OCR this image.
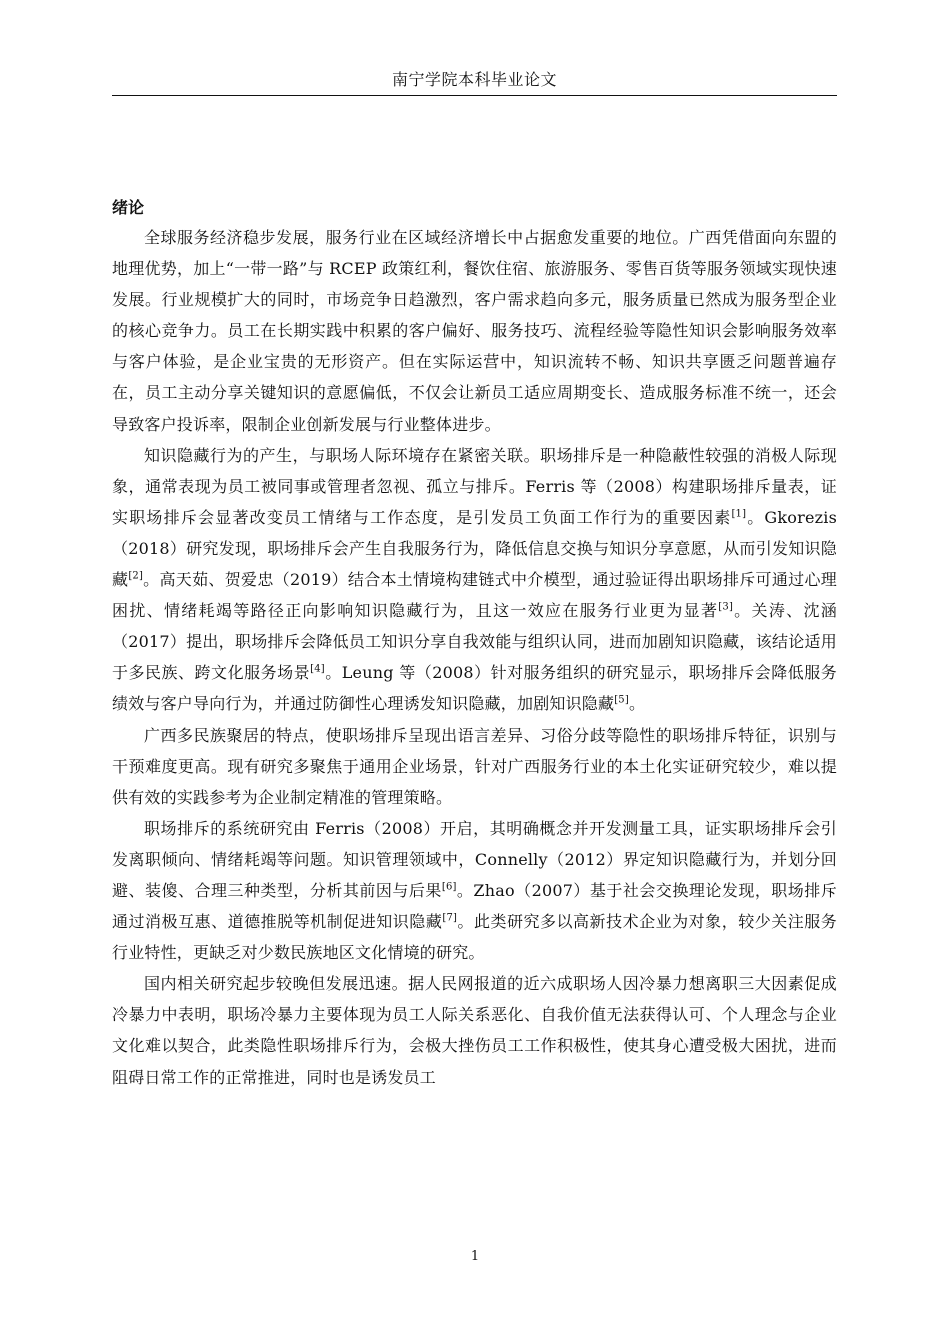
南宁学院本科毕业论文
绪论

全球服务经济稳步发展，服务行业在区域经济增长中占据愈发重要的地位。广西凭借面向东盟的地理优势，加上“一带一路”与 RCEP 政策红利，餐饮住宿、旅游服务、零售百货等服务领域实现快速发展。行业规模扩大的同时，市场竞争日趋激烈，客户需求趋向多元，服务质量已然成为服务型企业的核心竞争力。员工在长期实践中积累的客户偏好、服务技巧、流程经验等隐性知识会影响服务效率与客户体验，是企业宝贵的无形资产。但在实际运营中，知识流转不畅、知识共享匮乏问题普遍存在，员工主动分享关键知识的意愿偏低，不仅会让新员工适应周期变长、造成服务标准不统一，还会导致客户投诉率，限制企业创新发展与行业整体进步。

知识隐藏行为的产生，与职场人际环境存在紧密关联。职场排斥是一种隐蔽性较强的消极人际现象，通常表现为员工被同事或管理者忽视、孤立与排斥。Ferris 等（2008）构建职场排斥量表，证实职场排斥会显著改变员工情绪与工作态度，是引发员工负面工作行为的重要因素[1]。Gkorezis（2018）研究发现，职场排斥会产生自我服务行为，降低信息交换与知识分享意愿，从而引发知识隐藏[2]。高天茹、贺爱忠（2019）结合本土情境构建链式中介模型，通过验证得出职场排斥可通过心理困扰、情绪耗竭等路径正向影响知识隐藏行为，且这一效应在服务行业更为显著[3]。关涛、沈涵（2017）提出，职场排斥会降低员工知识分享自我效能与组织认同，进而加剧知识隐藏，该结论适用于多民族、跨文化服务场景[4]。Leung 等（2008）针对服务组织的研究显示，职场排斥会降低服务绩效与客户导向行为，并通过防御性心理诱发知识隐藏，加剧知识隐藏[5]。

广西多民族聚居的特点，使职场排斥呈现出语言差异、习俗分歧等隐性的职场排斥特征，识别与干预难度更高。现有研究多聚焦于通用企业场景，针对广西服务行业的本土化实证研究较少，难以提供有效的实践参考为企业制定精准的管理策略。

职场排斥的系统研究由 Ferris（2008）开启，其明确概念并开发测量工具，证实职场排斥会引发离职倾向、情绪耗竭等问题。知识管理领域中，Connelly（2012）界定知识隐藏行为，并划分回避、装傻、合理三种类型，分析其前因与后果[6]。Zhao（2007）基于社会交换理论发现，职场排斥通过消极互惠、道德推脱等机制促进知识隐藏[7]。此类研究多以高新技术企业为对象，较少关注服务行业特性，更缺乏对少数民族地区文化情境的研究。

国内相关研究起步较晚但发展迅速。据人民网报道的近六成职场人因冷暴力想离职三大因素促成冷暴力中表明，职场冷暴力主要体现为员工人际关系恶化、自我价值无法获得认可、个人理念与企业文化难以契合，此类隐性职场排斥行为，会极大挫伤员工工作积极性，使其身心遭受极大困扰，进而阻碍日常工作的正常推进，同时也是诱发员工

1
